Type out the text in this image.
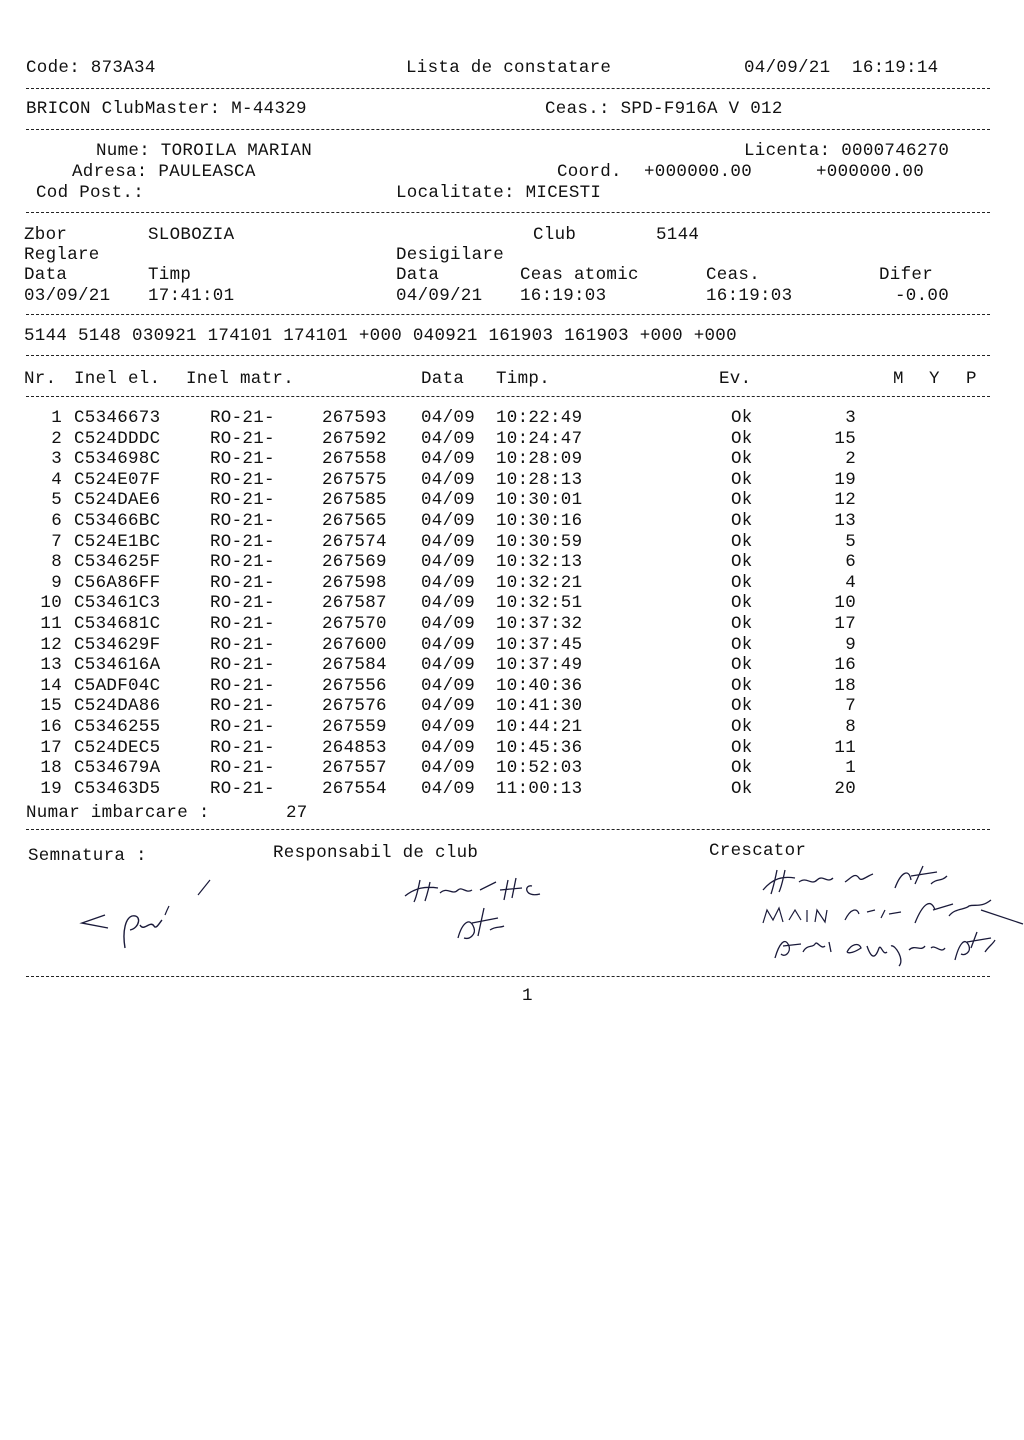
Code: 873A34	Lista de constatare	04/09/21  16:19:14
BRICON ClubMaster: M-44329	Ceas.: SPD-F916A V 012
Nume: TOROILA MARIAN	Licenta: 0000746270
Adresa: PAULEASCA	Coord. +000000.00	+000000.00
Cod Post.:	Localitate: MICESTI
Zbor	SLOBOZIA	Club	5144
Reglare	Desigilare
Data	Timp	Data	Ceas atomic	Ceas.	Difer
03/09/21 17:41:01	04/09/21 16:19:03	16:19:03	-0.00
5144 5148 030921 174101 174101 +000 040921 161903 161903 +000 +000
Nr. Inel el. Inel matr.	Data Timp.	Ev.	M Y P
1 C5346673	RO-21-	267593 04/09 10:22:49	Ok	3
2 C524DDDC	RO-21-	267592 04/09 10:24:47	Ok	15
3 C534698C	RO-21-	267558 04/09 10:28:09	Ok	2
4 C524E07F	RO-21-	267575 04/09 10:28:13	Ok	19
5 C524DAE6	RO-21-	267585 04/09 10:30:01	Ok	12
6 C53466BC	RO-21-	267565 04/09 10:30:16	Ok	13
7 C524E1BC	RO-21-	267574 04/09 10:30:59	Ok	5
8 C534625F	RO-21-	267569 04/09 10:32:13	Ok	6
9 C56A86FF	RO-21-	267598 04/09 10:32:21	Ok	4
10 C53461C3	RO-21-	267587 04/09 10:32:51	Ok	10
11 C534681C	RO-21-	267570 04/09 10:37:32	Ok	17
12 C534629F	RO-21-	267600 04/09 10:37:45	Ok	9
13 C534616A	RO-21-	267584 04/09 10:37:49	Ok	16
14 C5ADF04C	RO-21-	267556 04/09 10:40:36	Ok	18
15 C524DA86	RO-21-	267576 04/09 10:41:30	Ok	7
16 C5346255	RO-21-	267559 04/09 10:44:21	Ok	8
17 C524DEC5	RO-21-	264853 04/09 10:45:36	Ok	11
18 C534679A	RO-21-	267557 04/09 10:52:03	Ok	1
19 C53463D5	RO-21-	267554 04/09 11:00:13	Ok	20
Numar imbarcare :	27
Semnatura :	Responsabil de club	Crescator
1
